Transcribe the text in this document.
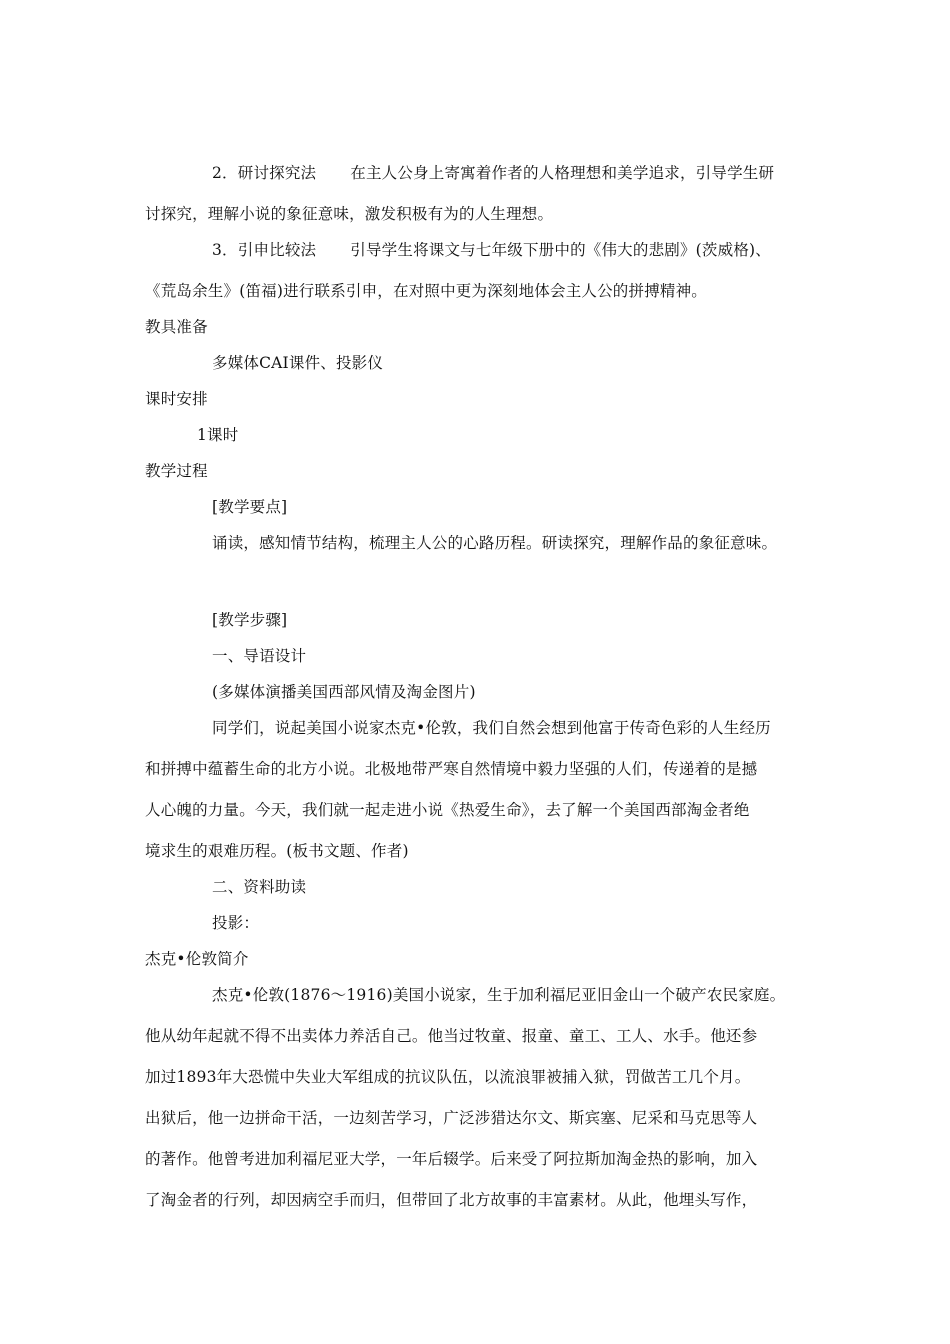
2．研讨探究法 在主人公身上寄寓着作者的人格理想和美学追求，引导学生研
讨探究，理解小说的象征意味，激发积极有为的人生理想。
3．引申比较法 引导学生将课文与七年级下册中的《伟大的悲剧》(茨威格)、
《荒岛余生》(笛福)进行联系引申，在对照中更为深刻地体会主人公的拼搏精神。
教具准备
多媒体CAI课件、投影仪
课时安排
1课时
教学过程
[教学要点]
诵读，感知情节结构，梳理主人公的心路历程。研读探究，理解作品的象征意味。
[教学步骤]
一、导语设计
(多媒体演播美国西部风情及淘金图片)
同学们，说起美国小说家杰克•伦敦，我们自然会想到他富于传奇色彩的人生经历
和拼搏中蕴蓄生命的北方小说。北极地带严寒自然情境中毅力坚强的人们，传递着的是撼
人心魄的力量。今天，我们就一起走进小说《热爱生命》，去了解一个美国西部淘金者绝
境求生的艰难历程。(板书文题、作者)
二、资料助读
投影：
杰克•伦敦简介
杰克•伦敦(1876～1916)美国小说家，生于加利福尼亚旧金山一个破产农民家庭。
他从幼年起就不得不出卖体力养活自己。他当过牧童、报童、童工、工人、水手。他还参
加过1893年大恐慌中失业大军组成的抗议队伍，以流浪罪被捕入狱，罚做苦工几个月。
出狱后，他一边拼命干活，一边刻苦学习，广泛涉猎达尔文、斯宾塞、尼采和马克思等人
的著作。他曾考进加利福尼亚大学，一年后辍学。后来受了阿拉斯加淘金热的影响，加入
了淘金者的行列，却因病空手而归，但带回了北方故事的丰富素材。从此，他埋头写作，
